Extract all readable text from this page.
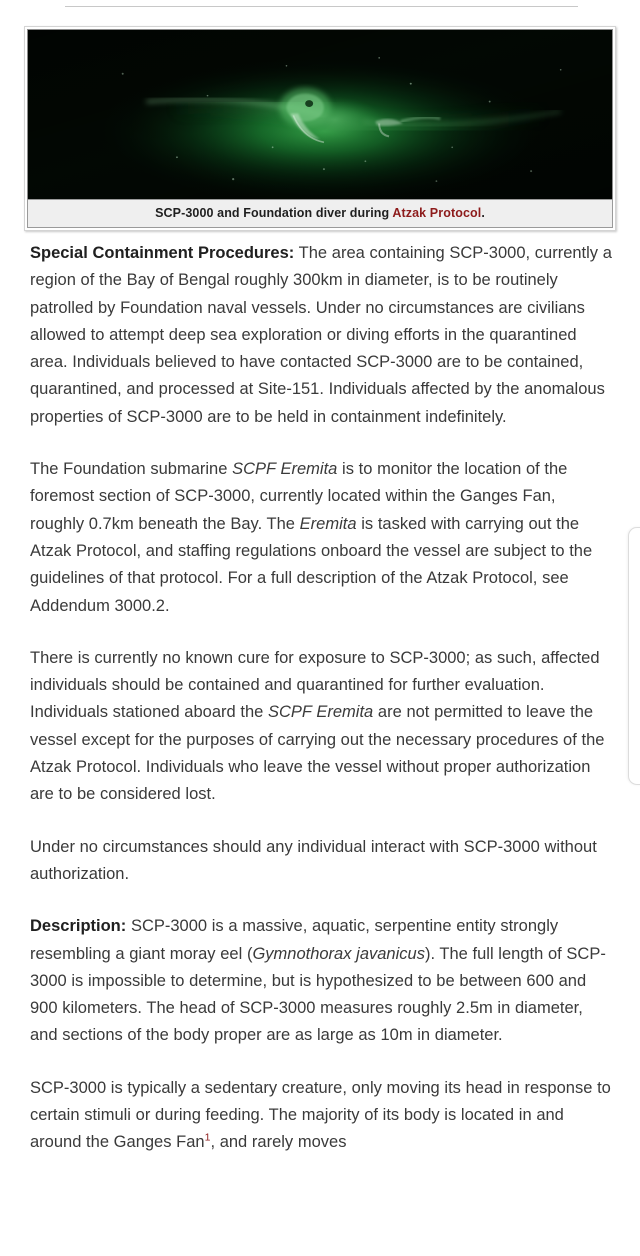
SCP-3000 and Foundation diver during Atzak Protocol.

Special Containment Procedures: The area containing SCP-3000, currently a region of the Bay of Bengal roughly 300km in diameter, is to be routinely patrolled by Foundation naval vessels. Under no circumstances are civilians allowed to attempt deep sea exploration or diving efforts in the quarantined area. Individuals believed to have contacted SCP-3000 are to be contained, quarantined, and processed at Site-151. Individuals affected by the anomalous properties of SCP-3000 are to be held in containment indefinitely.

The Foundation submarine SCPF Eremita is to monitor the location of the foremost section of SCP-3000, currently located within the Ganges Fan, roughly 0.7km beneath the Bay. The Eremita is tasked with carrying out the Atzak Protocol, and staffing regulations onboard the vessel are subject to the guidelines of that protocol. For a full description of the Atzak Protocol, see Addendum 3000.2.

There is currently no known cure for exposure to SCP-3000; as such, affected individuals should be contained and quarantined for further evaluation. Individuals stationed aboard the SCPF Eremita are not permitted to leave the vessel except for the purposes of carrying out the necessary procedures of the Atzak Protocol. Individuals who leave the vessel without proper authorization are to be considered lost.

Under no circumstances should any individual interact with SCP-3000 without authorization.

Description: SCP-3000 is a massive, aquatic, serpentine entity strongly resembling a giant moray eel (Gymnothorax javanicus). The full length of SCP-3000 is impossible to determine, but is hypothesized to be between 600 and 900 kilometers. The head of SCP-3000 measures roughly 2.5m in diameter, and sections of the body proper are as large as 10m in diameter.

SCP-3000 is typically a sedentary creature, only moving its head in response to certain stimuli or during feeding. The majority of its body is located in and around the Ganges Fan$^1$, and rarely moves
